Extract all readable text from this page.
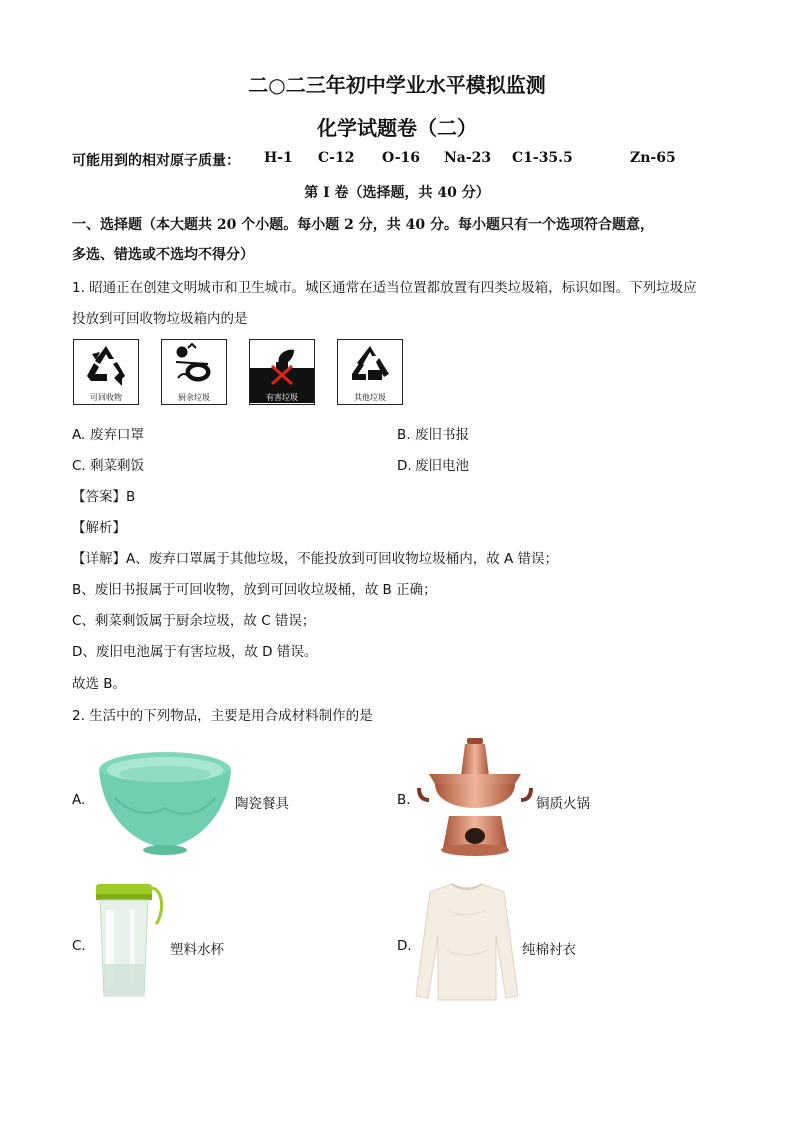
二○二三年初中学业水平模拟监测
化学试题卷（二）
可能用到的相对原子质量： H-1 C-12 O-16 Na-23 C1-35.5	Zn-65
第 I 卷（选择题，共 40 分）
一、选择题（本大题共 20 个小题。每小题 2 分，共 40 分。每小题只有一个选项符合题意，
多选、错选或不选均不得分）
1. 昭通正在创建文明城市和卫生城市。城区通常在适当位置都放置有四类垃圾箱，标识如图。下列垃圾应
投放到可回收物垃圾箱内的是
可回收物	厨余垃圾	有害垃圾	其他垃圾
A. 废弃口罩	B. 废旧书报
C. 剩菜剩饭	D. 废旧电池
【答案】B
【解析】
【详解】A、废弃口罩属于其他垃圾，不能投放到可回收物垃圾桶内，故 A 错误；
B、废旧书报属于可回收物，放到可回收垃圾桶，故 B 正确；
C、剩菜剩饭属于厨余垃圾，故 C 错误；
D、废旧电池属于有害垃圾，故 D 错误。
故选 B。
2. 生活中的下列物品，主要是用合成材料制作的是
A.	陶瓷餐具	B.	铜质火锅
C.	塑料水杯	D.	纯棉衬衣
